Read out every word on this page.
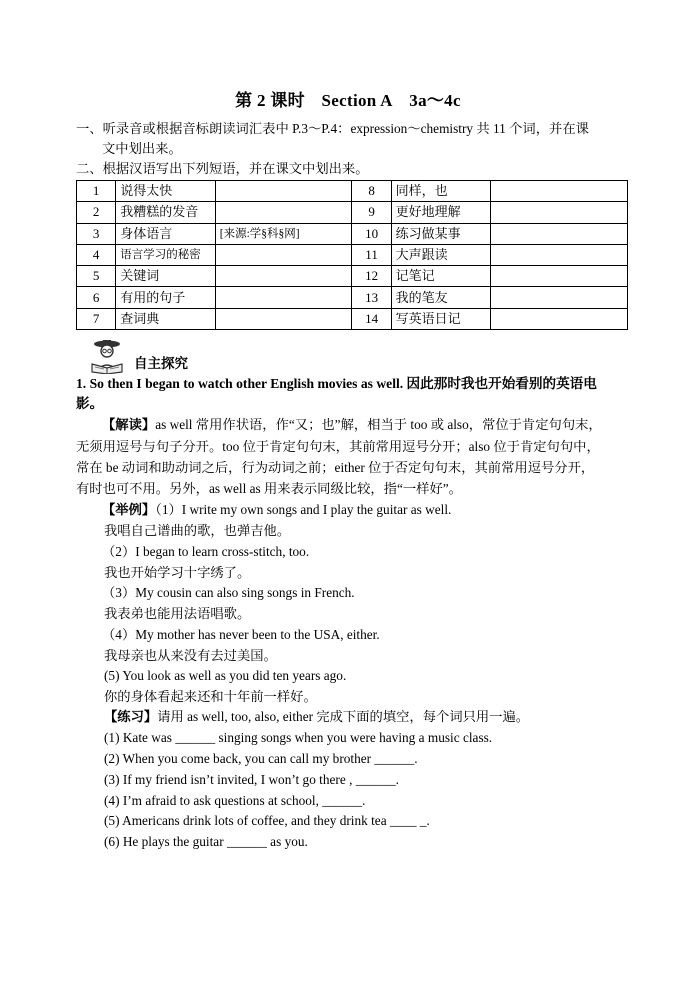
第 2 课时 Section A 3a～4c
一、听录音或根据音标朗读词汇表中 P.3～P.4：expression～chemistry 共 11 个词，并在课
文中划出来。
二、根据汉语写出下列短语，并在课文中划出来。
1	说得太快		8	同样，也	
2	我糟糕的发音		9	更好地理解	
3	身体语言	[来源:学§科§网]	10	练习做某事	
4	语言学习的秘密		11	大声跟读	
5	关键词		12	记笔记	
6	有用的句子		13	我的笔友	
7	查词典		14	写英语日记	
自主探究
1. So then I began to watch other English movies as well. 因此那时我也开始看别的英语电
影。
【解读】as well 常用作状语，作“又；也”解，相当于 too 或 also，常位于肯定句句末，
无须用逗号与句子分开。too 位于肯定句句末，其前常用逗号分开；also 位于肯定句句中，
常在 be 动词和助动词之后，行为动词之前；either 位于否定句句末，其前常用逗号分开，
有时也可不用。另外，as well as 用来表示同级比较，指“一样好”。
【举例】（1）I write my own songs and I play the guitar as well.
我唱自己谱曲的歌，也弹吉他。
（2）I began to learn cross-stitch, too.
我也开始学习十字绣了。
（3）My cousin can also sing songs in French.
我表弟也能用法语唱歌。
（4）My mother has never been to the USA, either.
我母亲也从来没有去过美国。
(5) You look as well as you did ten years ago.
你的身体看起来还和十年前一样好。
【练习】请用 as well, too, also, either 完成下面的填空，每个词只用一遍。
(1) Kate was ______ singing songs when you were having a music class.
(2) When you come back, you can call my brother ______.
(3) If my friend isn’t invited, I won’t go there , ______.
(4) I’m afraid to ask questions at school, ______.
(5) Americans drink lots of coffee, and they drink tea ____ _.
(6) He plays the guitar ______ as you.
